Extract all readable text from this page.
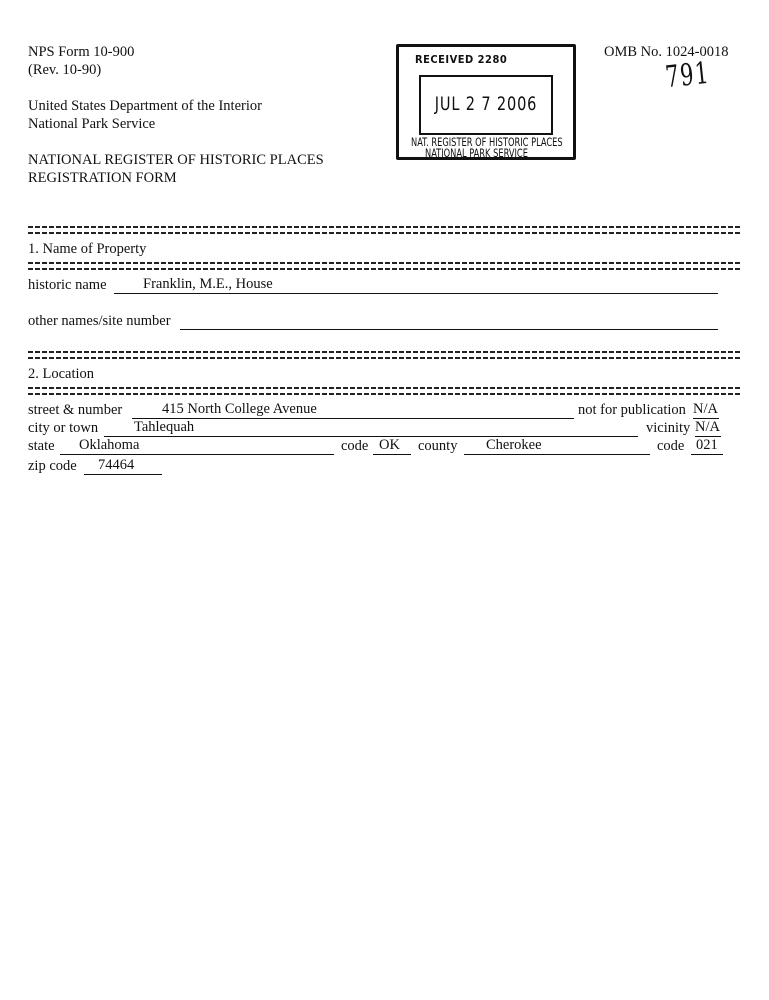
NPS Form 10-900
(Rev. 10-90)
OMB No. 1024-0018
United States Department of the Interior
National Park Service
NATIONAL REGISTER OF HISTORIC PLACES
REGISTRATION FORM
791
RECEIVED 2280
JUL 2 7 2006
NAT. REGISTER OF HISTORIC PLACES
NATIONAL PARK SERVICE
1. Name of Property
historic name	Franklin, M.E., House
other names/site number

2. Location
street & number	415 North College Avenue	not for publication N/A
city or town	Tahlequah	vicinity N/A
state	Oklahoma	code OK	county	Cherokee	code 021
zip code	74464
